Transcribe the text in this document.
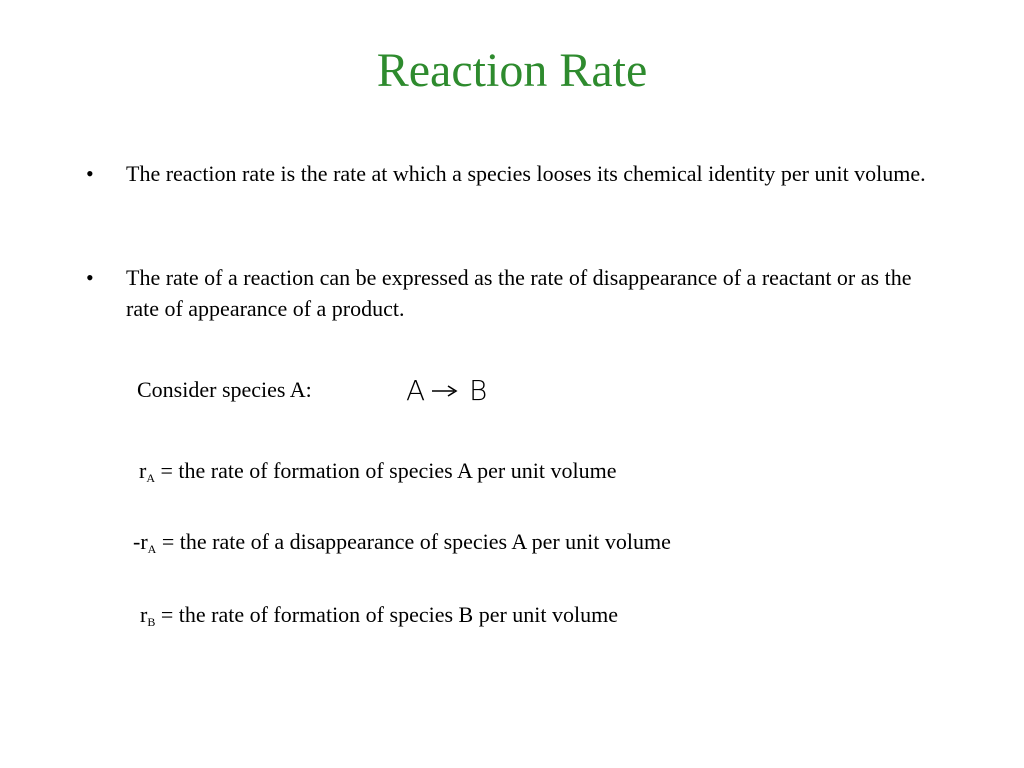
Reaction Rate
• The reaction rate is the rate at which a species looses its chemical identity per unit volume.
• The rate of a reaction can be expressed as the rate of disappearance of a reactant or as the rate of appearance of a product.
Consider species A:	A B
$r_A$ = the rate of formation of species A per unit volume
$-r_A$ = the rate of a disappearance of species A per unit volume
$r_B$ = the rate of formation of species B per unit volume
